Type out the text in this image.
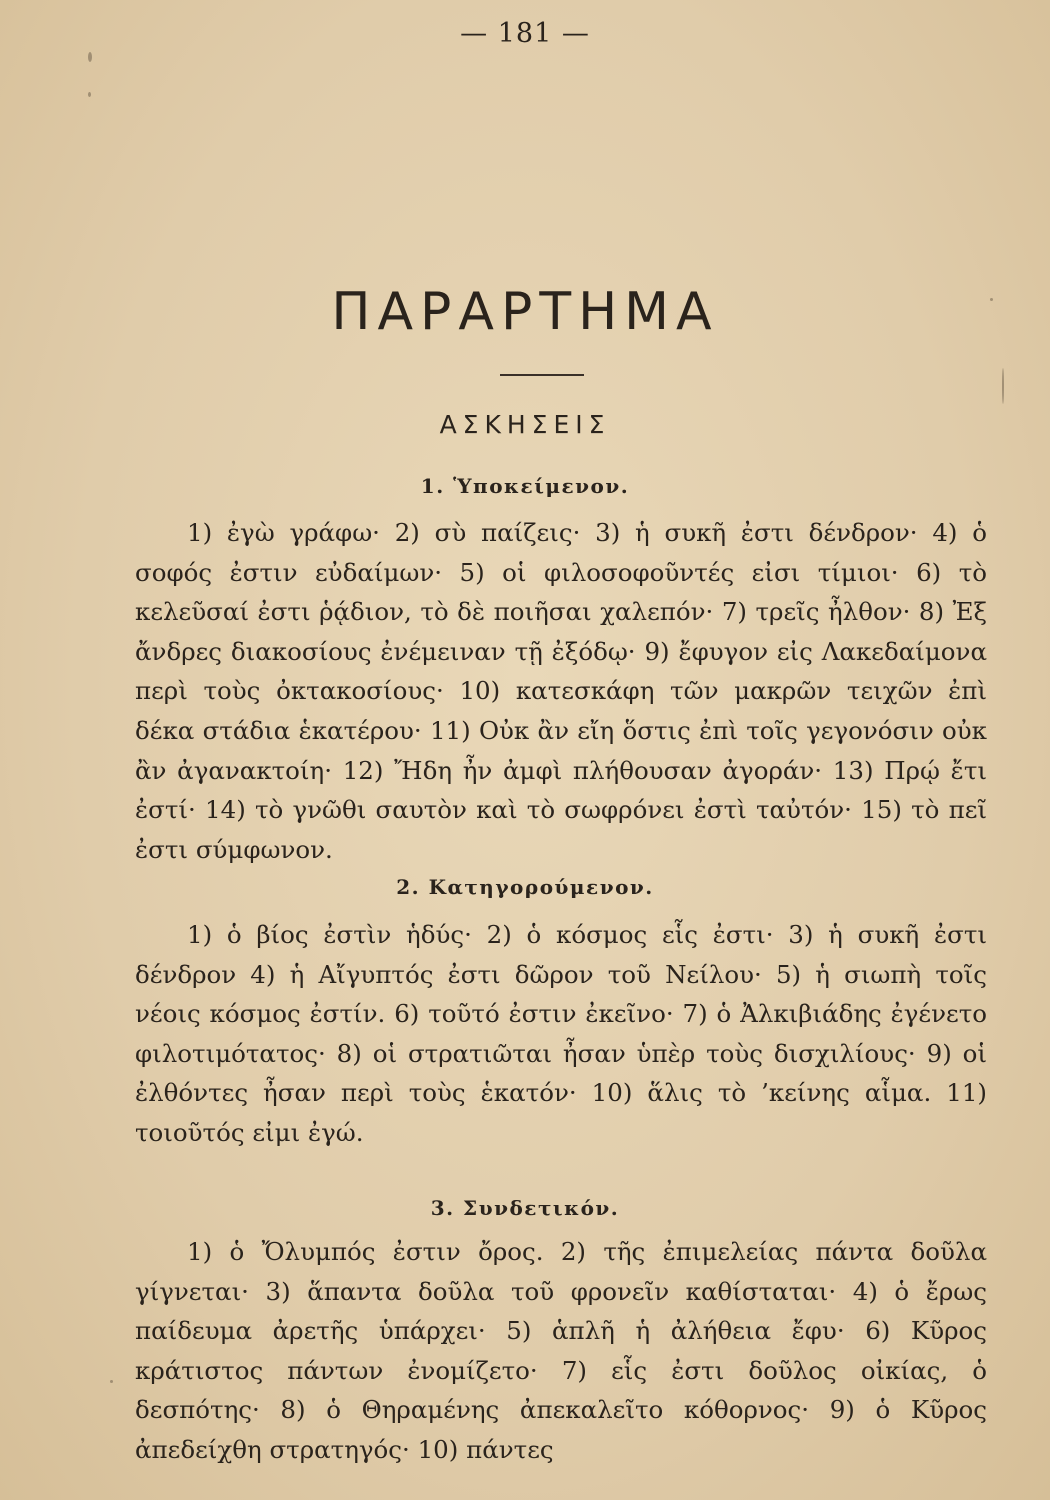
— 181 —
ΠΑΡΑΡΤΗΜΑ
ΑΣΚΗΣΕΙΣ
1. Ὑποκείμενον.

1) ἐγὼ γράφω· 2) σὺ παίζεις· 3) ἡ συκῆ ἐστι δένδρον· 4) ὁ σοφός ἐστιν εὐδαίμων· 5) οἱ φιλοσοφοῦντές εἰσι τίμιοι· 6) τὸ κελεῦσαί ἐστι ῥᾴδιον, τὸ δὲ ποιῆσαι χαλεπόν· 7) τρεῖς ἦλθον· 8) Ἐξ ἄνδρες διακοσίους ἐνέμειναν τῇ ἐξόδῳ· 9) ἔφυγον εἰς Λακεδαίμονα περὶ τοὺς ὀκτακοσίους· 10) κατεσκάφη τῶν μακρῶν τειχῶν ἐπὶ δέκα στάδια ἑκατέρου· 11) Οὐκ ἂν εἴη ὅστις ἐπὶ τοῖς γεγονόσιν οὐκ ἂν ἀγανακτοίη· 12) Ἤδη ἦν ἀμφὶ πλήθουσαν ἀγοράν· 13) Πρῴ ἔτι ἐστί· 14) τὸ γνῶθι σαυτὸν καὶ τὸ σωφρόνει ἐστὶ ταὐτόν· 15) τὸ πεῖ ἐστι σύμφωνον.

2. Κατηγορούμενον.

1) ὁ βίος ἐστὶν ἡδύς· 2) ὁ κόσμος εἷς ἐστι· 3) ἡ συκῆ ἐστι δένδρον 4) ἡ Αἴγυπτός ἐστι δῶρον τοῦ Νείλου· 5) ἡ σιωπὴ τοῖς νέοις κόσμος ἐστίν. 6) τοῦτό ἐστιν ἐκεῖνο· 7) ὁ Ἀλκιβιάδης ἐγένετο φιλοτιμότατος· 8) οἱ στρατιῶται ἦσαν ὑπὲρ τοὺς δισχιλίους· 9) οἱ ἐλθόντες ἦσαν περὶ τοὺς ἑκατόν· 10) ἅλις τὸ ’κείνης αἷμα. 11) τοιοῦτός εἰμι ἐγώ.

3. Συνδετικόν.

1) ὁ Ὄλυμπός ἐστιν ὄρος. 2) τῆς ἐπιμελείας πάντα δοῦλα γίγνεται· 3) ἅπαντα δοῦλα τοῦ φρονεῖν καθίσταται· 4) ὁ ἔρως παίδευμα ἀρετῆς ὑπάρχει· 5) ἁπλῆ ἡ ἀλήθεια ἔφυ· 6) Κῦρος κράτιστος πάντων ἐνομίζετο· 7) εἷς ἐστι δοῦλος οἰκίας, ὁ δεσπότης· 8) ὁ Θηραμένης ἀπεκαλεῖτο κόθορνος· 9) ὁ Κῦρος ἀπεδείχθη στρατηγός· 10) πάντες
